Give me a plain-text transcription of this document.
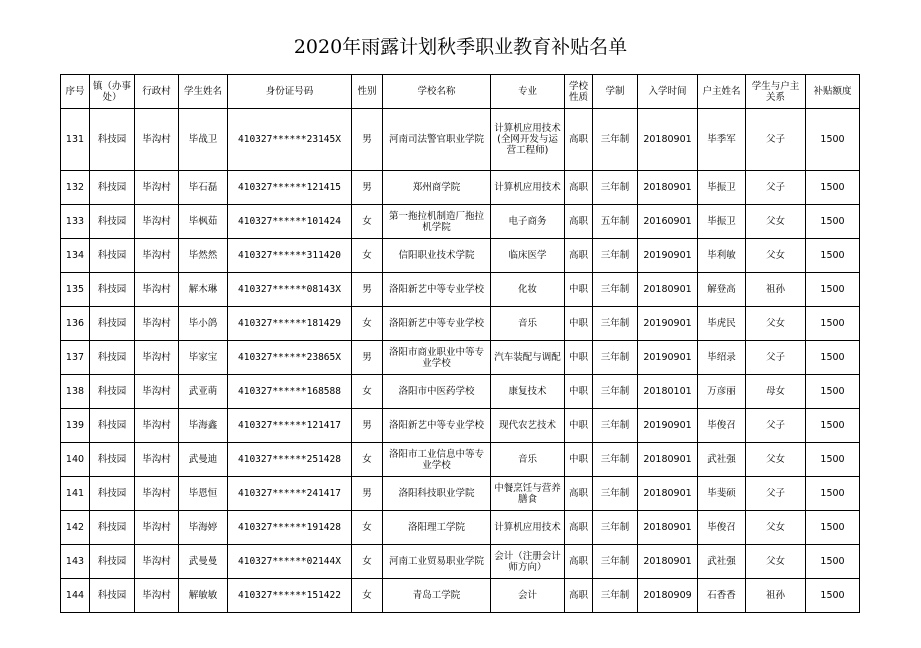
2020年雨露计划秋季职业教育补贴名单
序号	镇（办事处）	行政村	学生姓名	身份证号码	性别	学校名称	专业	学校性质	学制	入学时间	户主姓名	学生与户主关系	补贴额度
131	科技园	毕沟村	毕战卫	410327******23145X	男	河南司法警官职业学院	计算机应用技术(全网开发与运营工程师)	高职	三年制	20180901	毕季军	父子	1500
132	科技园	毕沟村	毕石磊	410327******121415	男	郑州商学院	计算机应用技术	高职	三年制	20180901	毕振卫	父子	1500
133	科技园	毕沟村	毕枫茹	410327******101424	女	第一拖拉机制造厂拖拉机学院	电子商务	高职	五年制	20160901	毕振卫	父女	1500
134	科技园	毕沟村	毕然然	410327******311420	女	信阳职业技术学院	临床医学	高职	三年制	20190901	毕利敏	父女	1500
135	科技园	毕沟村	解木琳	410327******08143X	男	洛阳新艺中等专业学校	化妆	中职	三年制	20180901	解登高	祖孙	1500
136	科技园	毕沟村	毕小鸽	410327******181429	女	洛阳新艺中等专业学校	音乐	中职	三年制	20190901	毕虎民	父女	1500
137	科技园	毕沟村	毕家宝	410327******23865X	男	洛阳市商业职业中等专业学校	汽车装配与调配	中职	三年制	20190901	毕绍录	父子	1500
138	科技园	毕沟村	武亚萌	410327******168588	女	洛阳市中医药学校	康复技术	中职	三年制	20180101	万彦丽	母女	1500
139	科技园	毕沟村	毕海鑫	410327******121417	男	洛阳新艺中等专业学校	现代农艺技术	中职	三年制	20190901	毕俊召	父子	1500
140	科技园	毕沟村	武曼迪	410327******251428	女	洛阳市工业信息中等专业学校	音乐	中职	三年制	20180901	武社强	父女	1500
141	科技园	毕沟村	毕恩恒	410327******241417	男	洛阳科技职业学院	中餐烹饪与营养膳食	高职	三年制	20180901	毕斐硕	父子	1500
142	科技园	毕沟村	毕海婷	410327******191428	女	洛阳理工学院	计算机应用技术	高职	三年制	20180901	毕俊召	父女	1500
143	科技园	毕沟村	武曼曼	410327******02144X	女	河南工业贸易职业学院	会计（注册会计师方向）	高职	三年制	20180901	武社强	父女	1500
144	科技园	毕沟村	解敏敏	410327******151422	女	青岛工学院	会计	高职	三年制	20180909	石香香	祖孙	1500
